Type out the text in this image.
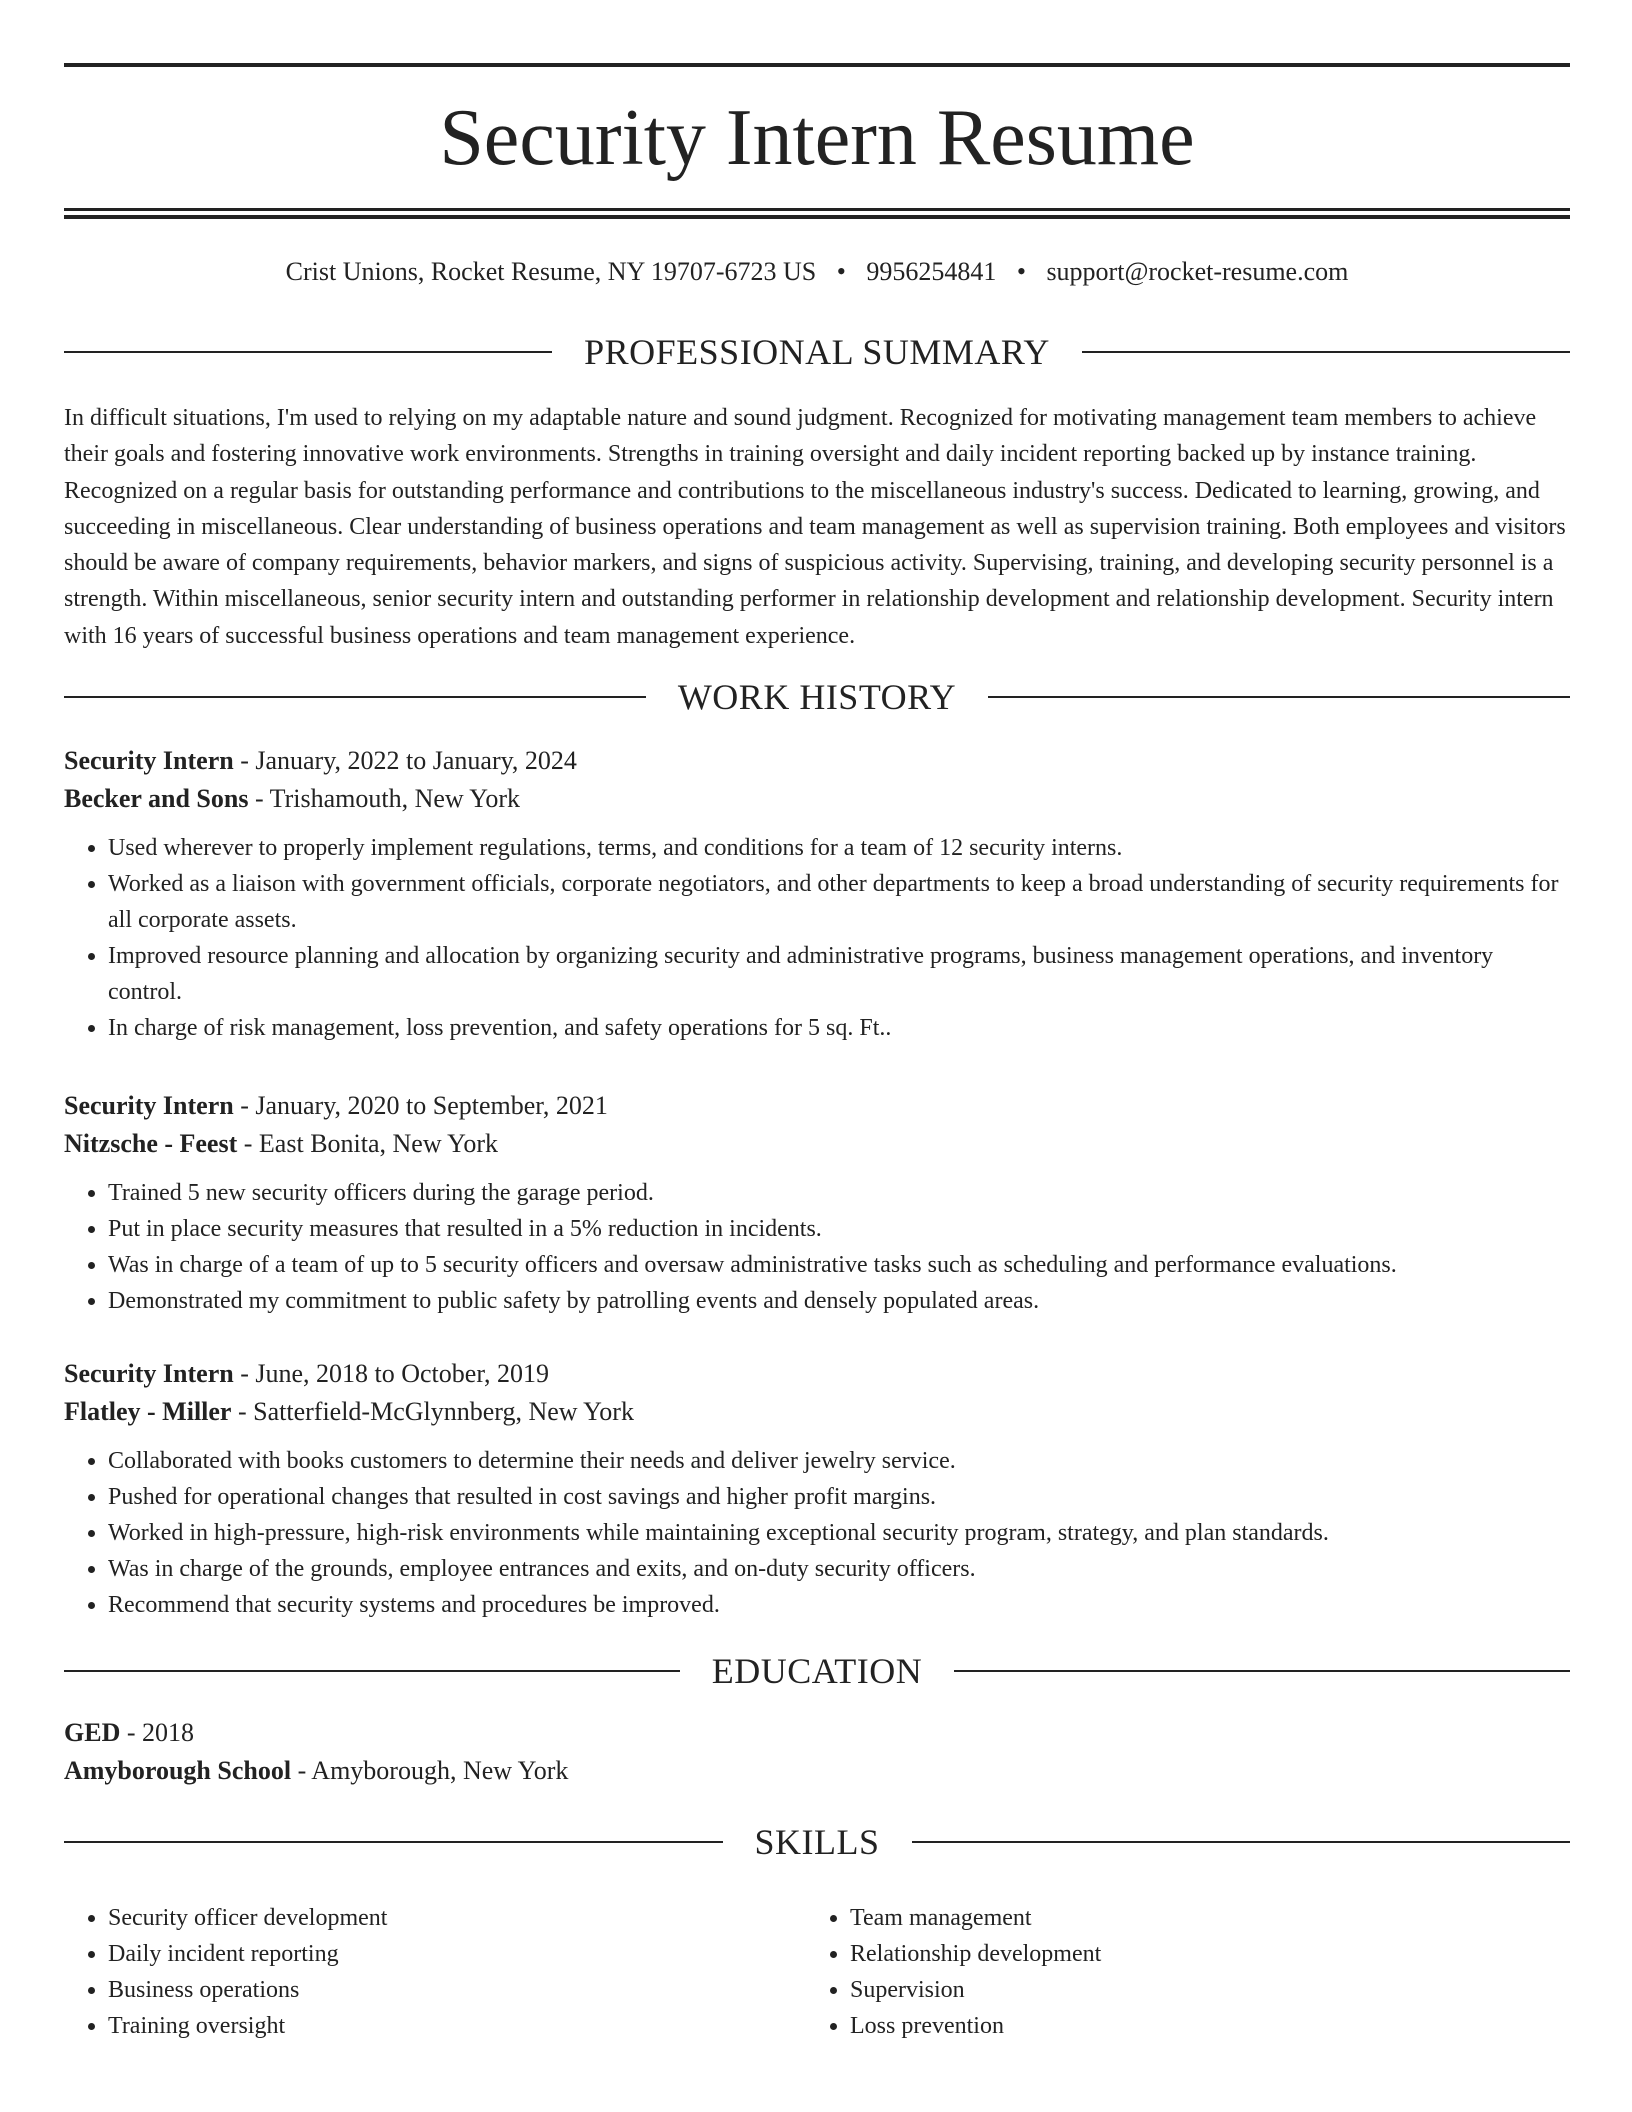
Security Intern Resume
Crist Unions, Rocket Resume, NY 19707-6723 US • 9956254841 • support@rocket-resume.com
PROFESSIONAL SUMMARY

In difficult situations, I'm used to relying on my adaptable nature and sound judgment. Recognized for motivating management team members to achieve their goals and fostering innovative work environments. Strengths in training oversight and daily incident reporting backed up by instance training. Recognized on a regular basis for outstanding performance and contributions to the miscellaneous industry's success. Dedicated to learning, growing, and succeeding in miscellaneous. Clear understanding of business operations and team management as well as supervision training. Both employees and visitors should be aware of company requirements, behavior markers, and signs of suspicious activity. Supervising, training, and developing security personnel is a strength. Within miscellaneous, senior security intern and outstanding performer in relationship development and relationship development. Security intern with 16 years of successful business operations and team management experience.

WORK HISTORY
Security Intern - January, 2022 to January, 2024
Becker and Sons - Trishamouth, New York
• Used wherever to properly implement regulations, terms, and conditions for a team of 12 security interns.
• Worked as a liaison with government officials, corporate negotiators, and other departments to keep a broad understanding of security requirements for all corporate assets.
• Improved resource planning and allocation by organizing security and administrative programs, business management operations, and inventory control.
• In charge of risk management, loss prevention, and safety operations for 5 sq. Ft..
Security Intern - January, 2020 to September, 2021
Nitzsche - Feest - East Bonita, New York
• Trained 5 new security officers during the garage period.
• Put in place security measures that resulted in a 5% reduction in incidents.
• Was in charge of a team of up to 5 security officers and oversaw administrative tasks such as scheduling and performance evaluations.
• Demonstrated my commitment to public safety by patrolling events and densely populated areas.
Security Intern - June, 2018 to October, 2019
Flatley - Miller - Satterfield-McGlynnberg, New York
• Collaborated with books customers to determine their needs and deliver jewelry service.
• Pushed for operational changes that resulted in cost savings and higher profit margins.
• Worked in high-pressure, high-risk environments while maintaining exceptional security program, strategy, and plan standards.
• Was in charge of the grounds, employee entrances and exits, and on-duty security officers.
• Recommend that security systems and procedures be improved.
EDUCATION
GED - 2018
Amyborough School - Amyborough, New York
SKILLS
• Security officer development
• Daily incident reporting
• Business operations
• Training oversight
• Team management
• Relationship development
• Supervision
• Loss prevention
